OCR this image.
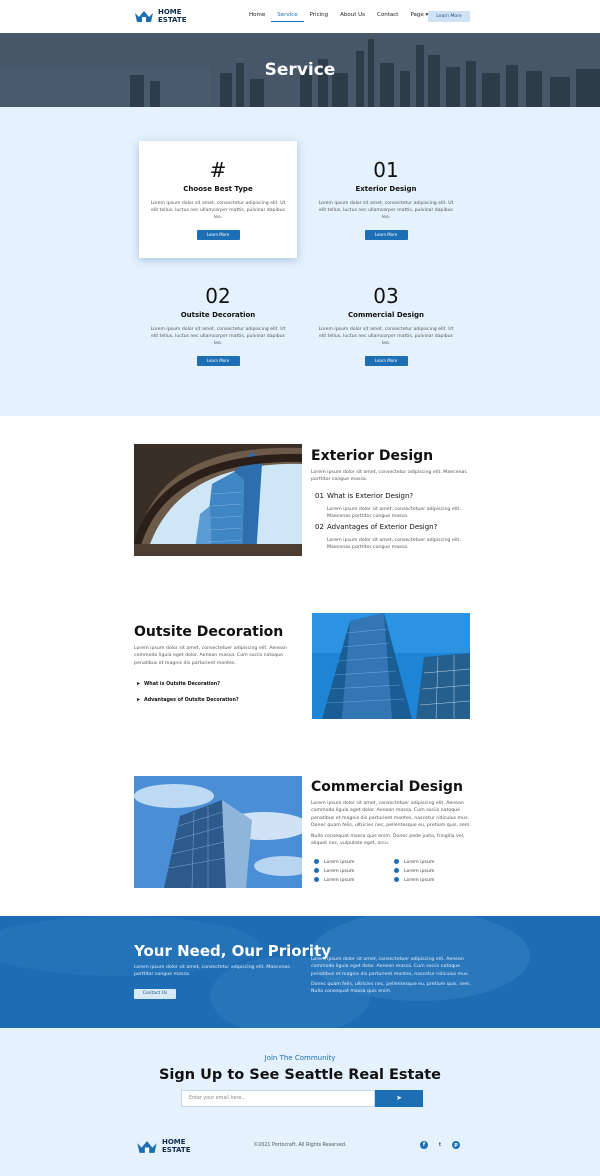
HOME
ESTATE
Home	Service	Pricing	About Us	Contact	Page ▾	Learn More
Service
#
Choose Best Type

Lorem ipsum dolor sit amet, consectetur adipiscing elit. Ut elit tellus, luctus nec ullamcorper mattis, pulvinar dapibus leo.

Learn More
01
Exterior Design

Lorem ipsum dolor sit amet, consectetur adipiscing elit. Ut elit tellus, luctus nec ullamcorper mattis, pulvinar dapibus leo.

Learn More
02
Outsite Decoration

Lorem ipsum dolor sit amet, consectetur adipiscing elit. Ut elit tellus, luctus nec ullamcorper mattis, pulvinar dapibus leo.

Learn More
03
Commercial Design

Lorem ipsum dolor sit amet, consectetur adipiscing elit. Ut elit tellus, luctus nec ullamcorper mattis, pulvinar dapibus leo.

Learn More
Exterior Design

Lorem ipsum dolor sit amet, consectetur adipiscing elit. Maecenas porttitor congue massa.

01 What is Exterior Design?

Lorem ipsum dolor sit amet, consectetuer adipiscing elit. Maecenas porttitor congue massa.

02 Advantages of Exterior Design?

Lorem ipsum dolor sit amet, consectetuer adipiscing elit. Maecenas porttitor congue massa.

Outsite Decoration

Lorem ipsum dolor sit amet, consectetuer adipiscing elit. Aenean commodo ligula eget dolor. Aenean massa. Cum sociis natoque penatibus et magnis dis parturient montes.

▸ What is Outsite Decoration?
▸ Advantages of Outsite Decoration?
Commercial Design

Lorem ipsum dolor sit amet, consectetuer adipiscing elit. Aenean commodo ligula eget dolor. Aenean massa. Cum sociis natoque penatibus et magnis dis parturient montes, nascetur ridiculus mus. Donec quam felis, ultricies nec, pellentesque eu, pretium quis, sem.

Nulla consequat massa quis enim. Donec pede justo, fringilla vel, aliquet nec, vulputate eget, arcu.

Lorem ipsum
Lorem ipsum
Lorem ipsum
Lorem ipsum
Lorem ipsum
Lorem ipsum
Your Need, Our Priority

Lorem ipsum dolor sit amet, consectetur adipiscing elit. Maecenas porttitor congue massa.

Contact Us

Lorem ipsum dolor sit amet, consectetuer adipiscing elit. Aenean commodo ligula eget dolor. Aenean massa. Cum sociis natoque penatibus et magnis dis parturient montes, nascetur ridiculus mus.

Donec quam felis, ultricies nec, pellentesque eu, pretium quis, sem. Nulla consequat massa quis enim.

Join The Community
Sign Up to See Seattle Real Estate
Enter your email here...	➤
HOME
ESTATE	©2021 Portocraft. All Rights Reserved.	f	t	p
